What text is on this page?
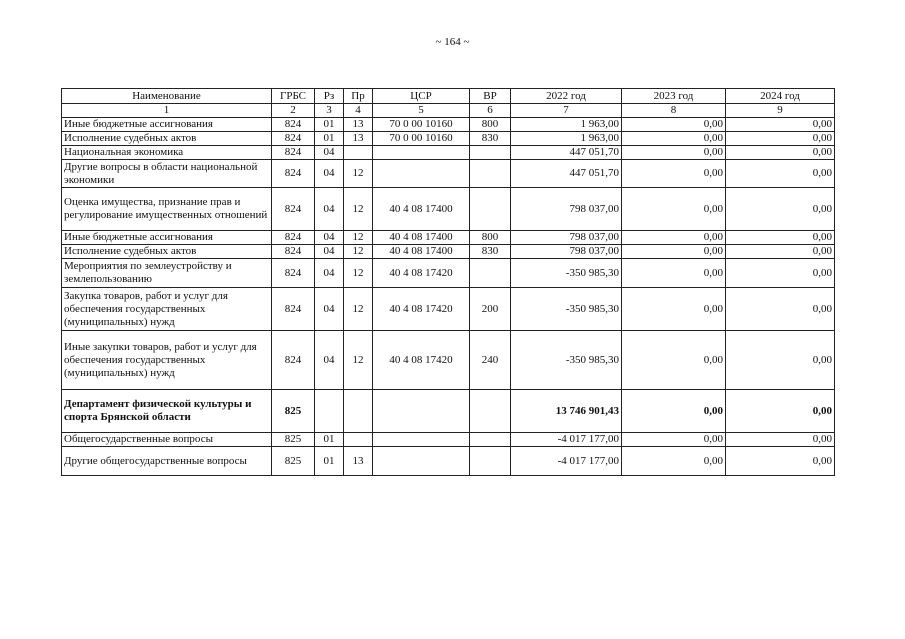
~ 164 ~
Наименование	ГРБС	Рз	Пр	ЦСР	ВР	2022 год	2023 год	2024 год
1	2	3	4	5	6	7	8	9
Иные бюджетные ассигнования	824	01	13	70 0 00 10160	800	1 963,00	0,00	0,00
Исполнение судебных актов	824	01	13	70 0 00 10160	830	1 963,00	0,00	0,00
Национальная экономика	824	04				447 051,70	0,00	0,00
Другие вопросы в области национальной экономики	824	04	12			447 051,70	0,00	0,00
Оценка имущества, признание прав и регулирование имущественных отношений	824	04	12	40 4 08 17400		798 037,00	0,00	0,00
Иные бюджетные ассигнования	824	04	12	40 4 08 17400	800	798 037,00	0,00	0,00
Исполнение судебных актов	824	04	12	40 4 08 17400	830	798 037,00	0,00	0,00
Мероприятия по землеустройству и землепользованию	824	04	12	40 4 08 17420		-350 985,30	0,00	0,00
Закупка товаров, работ и услуг для обеспечения государственных (муниципальных) нужд	824	04	12	40 4 08 17420	200	-350 985,30	0,00	0,00
Иные закупки товаров, работ и услуг для обеспечения государственных (муниципальных) нужд	824	04	12	40 4 08 17420	240	-350 985,30	0,00	0,00
Департамент физической культуры и спорта Брянской области	825					13 746 901,43	0,00	0,00
Общегосударственные вопросы	825	01				-4 017 177,00	0,00	0,00
Другие общегосударственные вопросы	825	01	13			-4 017 177,00	0,00	0,00
